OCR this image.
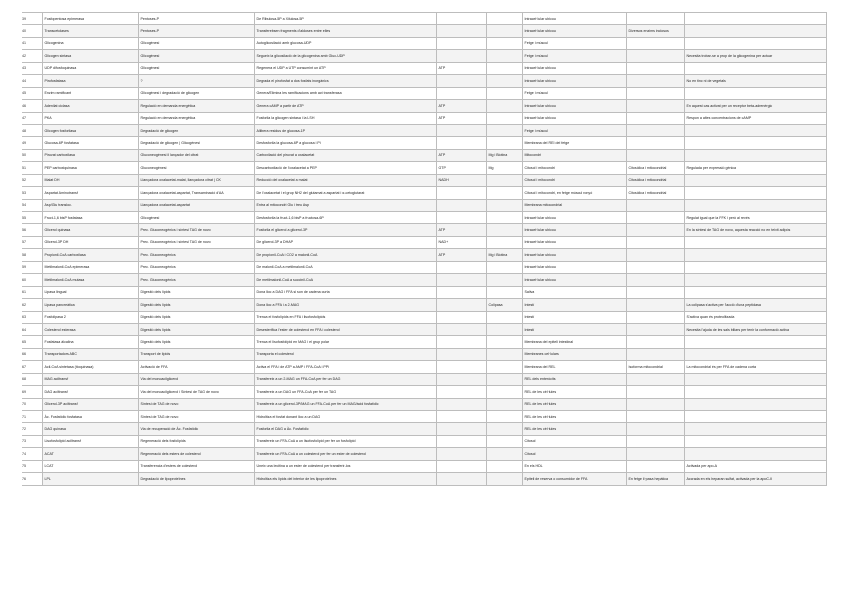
39	Fosfopentosa epimerasa	Pentoses-P	De Ribulosa-5P a Xilulosa-5P			Intracel·lular ubicou		
40	Transcetolases	Pentoses-P	Transferebsen fragments d'aldoses entre elles			Intracel·lular ubicou	Diversos enzims inclosos	
41	Glicogenina	Glicogènesi	Autoglicosilació amb glucosa-UDP			Fetge i múscul		
42	Glicogen sintasa	Glicogènesi	Segueix la glicosilació de la glicogenina amb Gluc-UDP			Fetge i múscul		Necesita trobar-se a prop de la glicogenina per actuar
43	UDP difosfoquinasa	Glicogènesi	Regenera el UDP a UTP consumint un ATP	ATP		Intracel·lular ubicou		
44	Pirofosfatasa	?	Degrada el pirofosfat a dos fosfats inorgànics			Intracel·lular ubicou		No en tinc ni de vegetals
45	Enzim ramificant	Glicogènesi i degradació de glicogen	Genera/Elimina les ramificacions amb act transferasa			Fetge i múscul		
46	Adenilat ciclasa	Regulació en demanda energètica	Genera cAMP a partir de ATP	ATP		Intracel·lular ubicou		En aquest cas activat per un receptor beta-adrenèrgic
47	PKA	Regulació en demanda energètica	Fosforila la glicogen sintasa i la LSH	ATP		Intracel·lular ubicou		Respon a altes concentracions de cAMP
48	Glicogen fosforilasa	Degradació de glicogen	Allibera residus de glucosa-1P			Fetge i múscul		
49	Glucosa-6P fosfatasa	Degradació de glicogen | Glicogènesi	Desfosforila la glucosa-6P a glucosa i Pi			Membrana del REI del fetge		
50	Piruvat carboxilasa	Gluconeogènesi il lançador del citrat	Carboxilació del piruvat a oxalacetat	ATP	Mg i Biotina	Mitocondri		
51	PEP carboxiquinasa	Gluconeogènesi	Descarboxilació de l'oxalacetat a PEP	GTP	Mg	Citosol i mitocondri	Citosòlica i mitocondrial	Regulada per expressió gènica
52	Malat DH	Llançadora oxalacetat-malat, llançadora citrat | CK	Reducció del oxalacetat a malat	NADH		Citosol i mitocondri	Citosòlica i mitocondrial	
53	Aspartat Aminotransf	Llançadora oxalacetat-aspartat, Transaminació d'AA	De l'oxalacetat i el grup NH2 del glutamat a aspartat i α-cetoglutarat			Citosol i mitocondri, en fetge múscul ronyó	Citosòlica i mitocondrial	
54	Asp/Glu transloc.	Llançadora oxalacetat-aspartat	Entra al mitocondri Glu i treu Asp			Membrana mitocondrial		
55	Fruct-1,6 bisP fosfatasa	Glicogènesi	Desfosforila la fruct-1,6 bisP a fructosa-6P			Intracel·lular ubicou		Regulat igual que la FFK i però al revés
56	Glicerol quinasa	Prec. Gluconeogènics i síntesi TAG de novo	Fosforila el glicerol a glicerol-3P	ATP		Intracel·lular ubicou		En la síntesi de TAG de novo, aquesta reacció no en teixit adipós
57	Glicerol-3P DH	Prec. Gluconeogènics i síntesi TAG de novo	De glicerol-3P a DHAP	NAD+		Intracel·lular ubicou		
58	Propionil-CoA carboxilasa	Prec. Gluconeogènics	De propionil-CoA i CO2 a malonil-CoA	ATP	Mg i Biotina	Intracel·lular ubicou		
59	Metilmalonil-CoA epimerasa	Prec. Gluconeogènics	De malonil-CoA a metilmalonil-CoA			Intracel·lular ubicou		
60	Metilmalonil-CoA mutasa	Prec. Gluconeogènics	De metilmalonil-CoA a succinil-CoA			Intracel·lular ubicou		
61	Lipasa lingual	Digestió dels lípids	Dona lloc a DAG i FFA si son de cadena curta			Saliva		
62	Lipasa pancreàtica	Digestió dels lípids	Dona lloc a FFA i a 2-MAG		Colipasa	Intestí		La colipasa s'activa per l'acció d'una peptidasa
63	Fosfolipasa 2	Digestió dels lípids	Trenca el fosfolípids en FFA i lisofosfolípids			Intestí		S'activa quan és proteolitzada
64	Colesterol esterasa	Digestió dels lípids	Desesterifica l'ester de colesterol en FFA i colesterol			Intestí		Necesita l'ajuda de les sals biliars per tenir la conformació activa
65	Fosfatasa àlcalina	Digestió dels lípids	Trenca el lisofosfolípid en MAG i el grup polar			Membrana del epiteli intestinal		
66	Transportadors ABC	Transport de lípids	Transporta el colesterol			Membranes cel·lulars		
67	Acil-CoA sintetasa (tioquinasa)	Activació de FFA	Activa el FFA i de ATP a AMP i FFA-CoA i PPi			Membrana del REL	Isoforma mitocondrial	La mitocondrial és per FFA de cadena curta
68	MAG aciltransf	Via del monoacilglicerol	Transfereix a un 2-MAG un FFA-CoA per fer un DAG			REL dels enteròcits		
69	DAG aciltransf	Via del monoacilglicerol i Síntesi de TAG de novo	Transfereix a un DAG un FFA-CoA per fer un TAG			REL de les cèl·lules		
70	Glicerol-3P aciltransf	Síntesi de TAG de novo	Transfereix a un glicerol-3P/MAG un FFA-CoA per fer un MAG/àcid fosfatídic			REL de les cèl·lules		
71	Àc. Fosfatídic fosfatasa	Síntesi de TAG de novo	Hidrolitza el fosfat donant lloc a un DAG			REL de les cèl·lules		
72	DAG quinasa	Via de recuperació de Àc. Fosfatídic	Fosforila el DAG a Àc. Fosfatídic			REL de les cèl·lules		
73	Lisofosfolípid aciltransf	Regeneració dels fosfolípids	Transfereix un FFA-CoA a un lisofosfolípid per fer un fosfolípid			Citosol		
74	ACAT	Regeneració dels esters de colesterol	Transfereix un FFA-CoA a un colesterol per fer un ester de colesterol			Citosol		
75	LCAT	Transferencia d'esters de colesterol	Uneix una lecitina a un ester de colesterol per transferir-los			En els HDL		Activada per apo-A
76	LPL	Degradació de lipoproteïnes	Hidrolitza els lípids del interior de les lipoproteïnes			Epiteli de reserva o consumidor de FFA	En fetge il·pasa hepàtica	Accrada en els heparan sulfat, activada per la apoC-II
